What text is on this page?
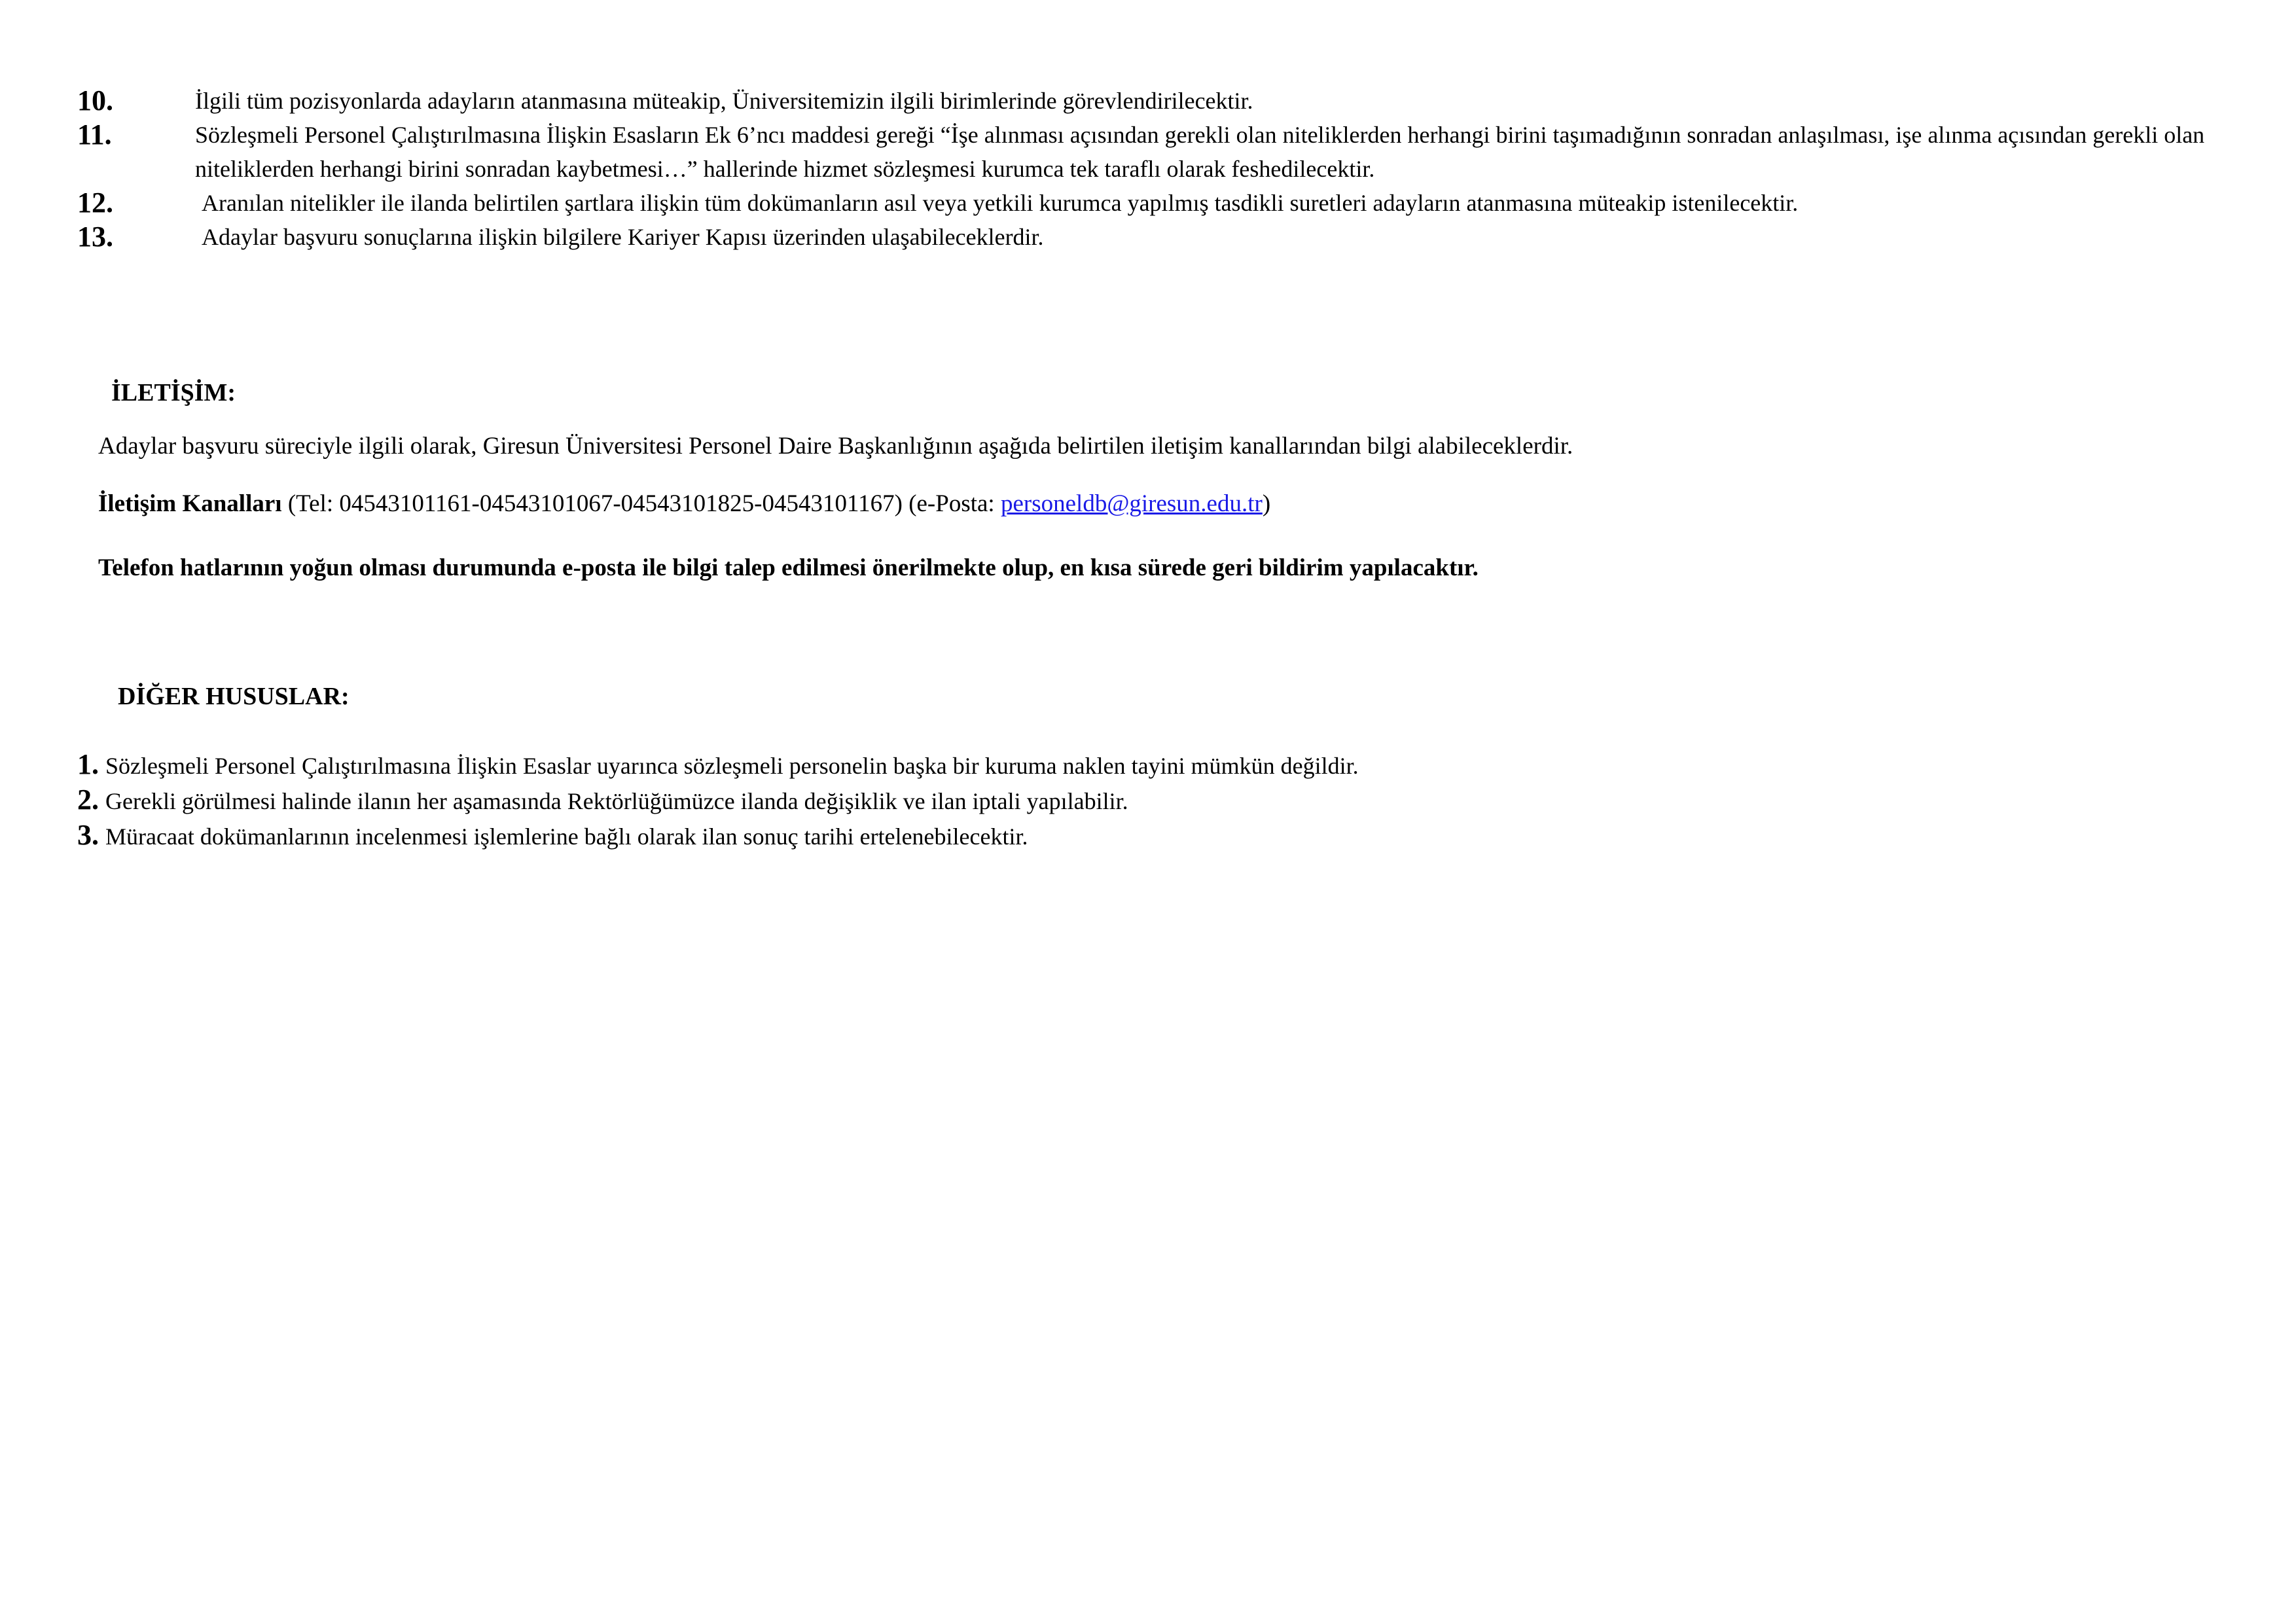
10.	İlgili tüm pozisyonlarda adayların atanmasına müteakip, Üniversitemizin ilgili birimlerinde görevlendirilecektir.

11.	Sözleşmeli Personel Çalıştırılmasına İlişkin Esasların Ek 6’ncı maddesi gereği “İşe alınması açısından gerekli olan niteliklerden herhangi birini taşımadığının sonradan anlaşılması, işe alınma açısından gerekli olan niteliklerden herhangi birini sonradan kaybetmesi…” hallerinde hizmet sözleşmesi kurumca tek taraflı olarak feshedilecektir.

12.	Aranılan nitelikler ile ilanda belirtilen şartlara ilişkin tüm dokümanların asıl veya yetkili kurumca yapılmış tasdikli suretleri adayların atanmasına müteakip istenilecektir.

13.	Adaylar başvuru sonuçlarına ilişkin bilgilere Kariyer Kapısı üzerinden ulaşabileceklerdir.

İLETİŞİM:

Adaylar başvuru süreciyle ilgili olarak, Giresun Üniversitesi Personel Daire Başkanlığının aşağıda belirtilen iletişim kanallarından bilgi alabileceklerdir.

İletişim Kanalları (Tel: 04543101161-04543101067-04543101825-04543101167) (e-Posta: personeldb@giresun.edu.tr)

Telefon hatlarının yoğun olması durumunda e-posta ile bilgi talep edilmesi önerilmekte olup, en kısa sürede geri bildirim yapılacaktır.

DİĞER HUSUSLAR:

1. Sözleşmeli Personel Çalıştırılmasına İlişkin Esaslar uyarınca sözleşmeli personelin başka bir kuruma naklen tayini mümkün değildir.

2. Gerekli görülmesi halinde ilanın her aşamasında Rektörlüğümüzce ilanda değişiklik ve ilan iptali yapılabilir.

3. Müracaat dokümanlarının incelenmesi işlemlerine bağlı olarak ilan sonuç tarihi ertelenebilecektir.
